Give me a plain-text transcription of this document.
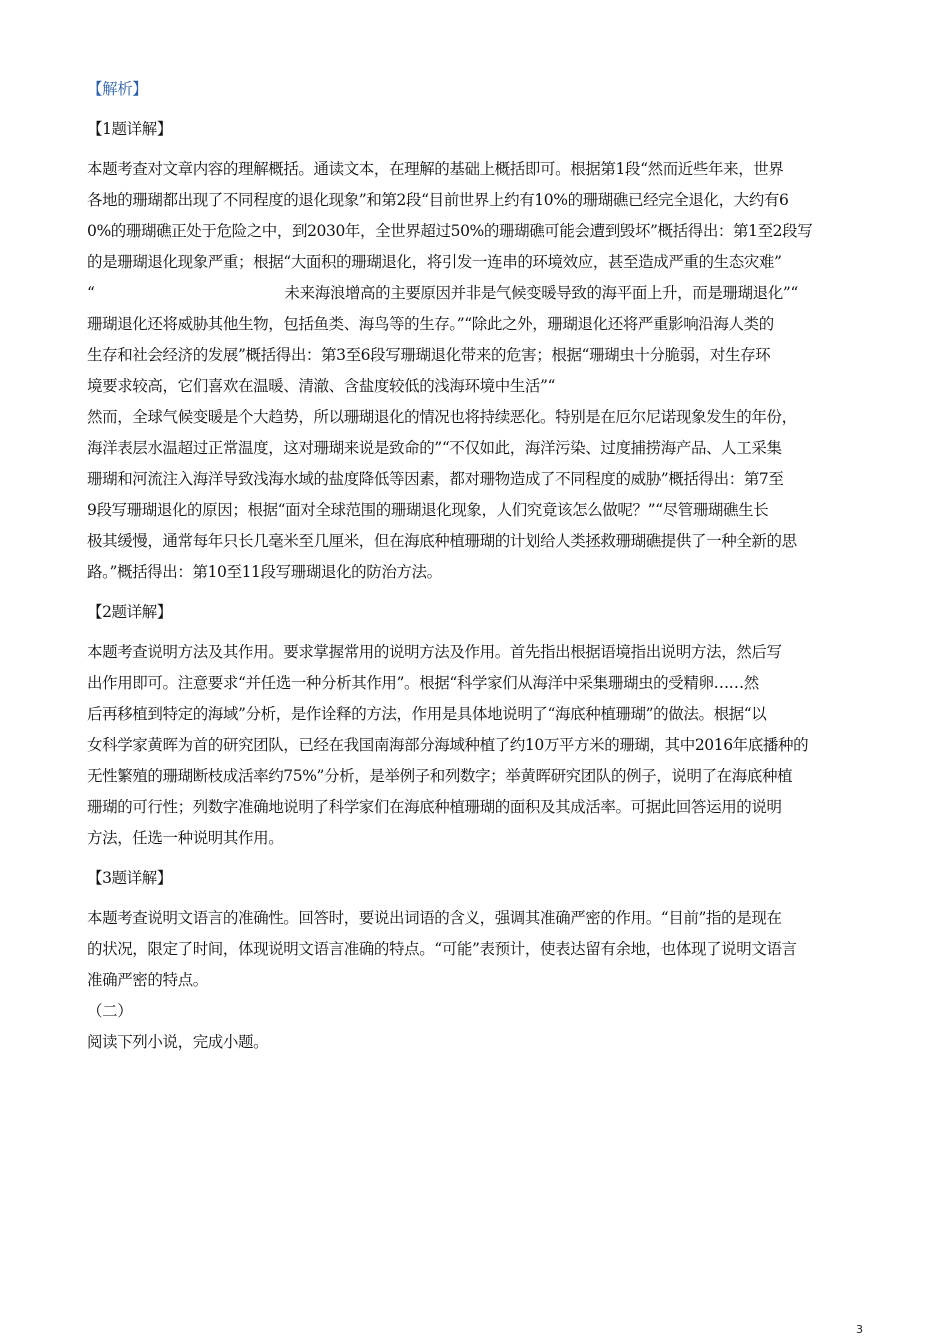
【解析】
【1题详解】
本题考查对文章内容的理解概括。通读文本，在理解的基础上概括即可。根据第1段“然而近些年来，世界
各地的珊瑚都出现了不同程度的退化现象”和第2段“目前世界上约有10%的珊瑚礁已经完全退化，大约有6
0%的珊瑚礁正处于危险之中，到2030年，全世界超过50%的珊瑚礁可能会遭到毁坏”概括得出：第1至2段写
的是珊瑚退化现象严重；根据“大面积的珊瑚退化，将引发一连串的环境效应，甚至造成严重的生态灾难”
“	未来海浪增高的主要原因并非是气候变暖导致的海平面上升，而是珊瑚退化”“
珊瑚退化还将威胁其他生物，包括鱼类、海鸟等的生存。”“除此之外，珊瑚退化还将严重影响沿海人类的
生存和社会经济的发展”概括得出：第3至6段写珊瑚退化带来的危害；根据“珊瑚虫十分脆弱，对生存环
境要求较高，它们喜欢在温暖、清澈、含盐度较低的浅海环境中生活”“
然而，全球气候变暖是个大趋势，所以珊瑚退化的情况也将持续恶化。特别是在厄尔尼诺现象发生的年份，
海洋表层水温超过正常温度，这对珊瑚来说是致命的”“不仅如此，海洋污染、过度捕捞海产品、人工采集
珊瑚和河流注入海洋导致浅海水域的盐度降低等因素，都对珊物造成了不同程度的威胁”概括得出：第7至
9段写珊瑚退化的原因；根据“面对全球范围的珊瑚退化现象，人们究竟该怎么做呢？”“尽管珊瑚礁生长
极其缓慢，通常每年只长几毫米至几厘米，但在海底种植珊瑚的计划给人类拯救珊瑚礁提供了一种全新的思
路。”概括得出：第10至11段写珊瑚退化的防治方法。
【2题详解】
本题考查说明方法及其作用。要求掌握常用的说明方法及作用。首先指出根据语境指出说明方法，然后写
出作用即可。注意要求“并任选一种分析其作用”。根据“科学家们从海洋中采集珊瑚虫的受精卵……然
后再移植到特定的海域”分析，是作诠释的方法，作用是具体地说明了“海底种植珊瑚”的做法。根据“以
女科学家黄晖为首的研究团队，已经在我国南海部分海域种植了约10万平方米的珊瑚，其中2016年底播种的
无性繁殖的珊瑚断枝成活率约75%”分析，是举例子和列数字；举黄晖研究团队的例子，说明了在海底种植
珊瑚的可行性；列数字准确地说明了科学家们在海底种植珊瑚的面积及其成活率。可据此回答运用的说明
方法，任选一种说明其作用。
【3题详解】
本题考查说明文语言的准确性。回答时，要说出词语的含义，强调其准确严密的作用。“目前”指的是现在
的状况，限定了时间，体现说明文语言准确的特点。“可能”表预计，使表达留有余地，也体现了说明文语言
准确严密的特点。
（二）
阅读下列小说，完成小题。
3
